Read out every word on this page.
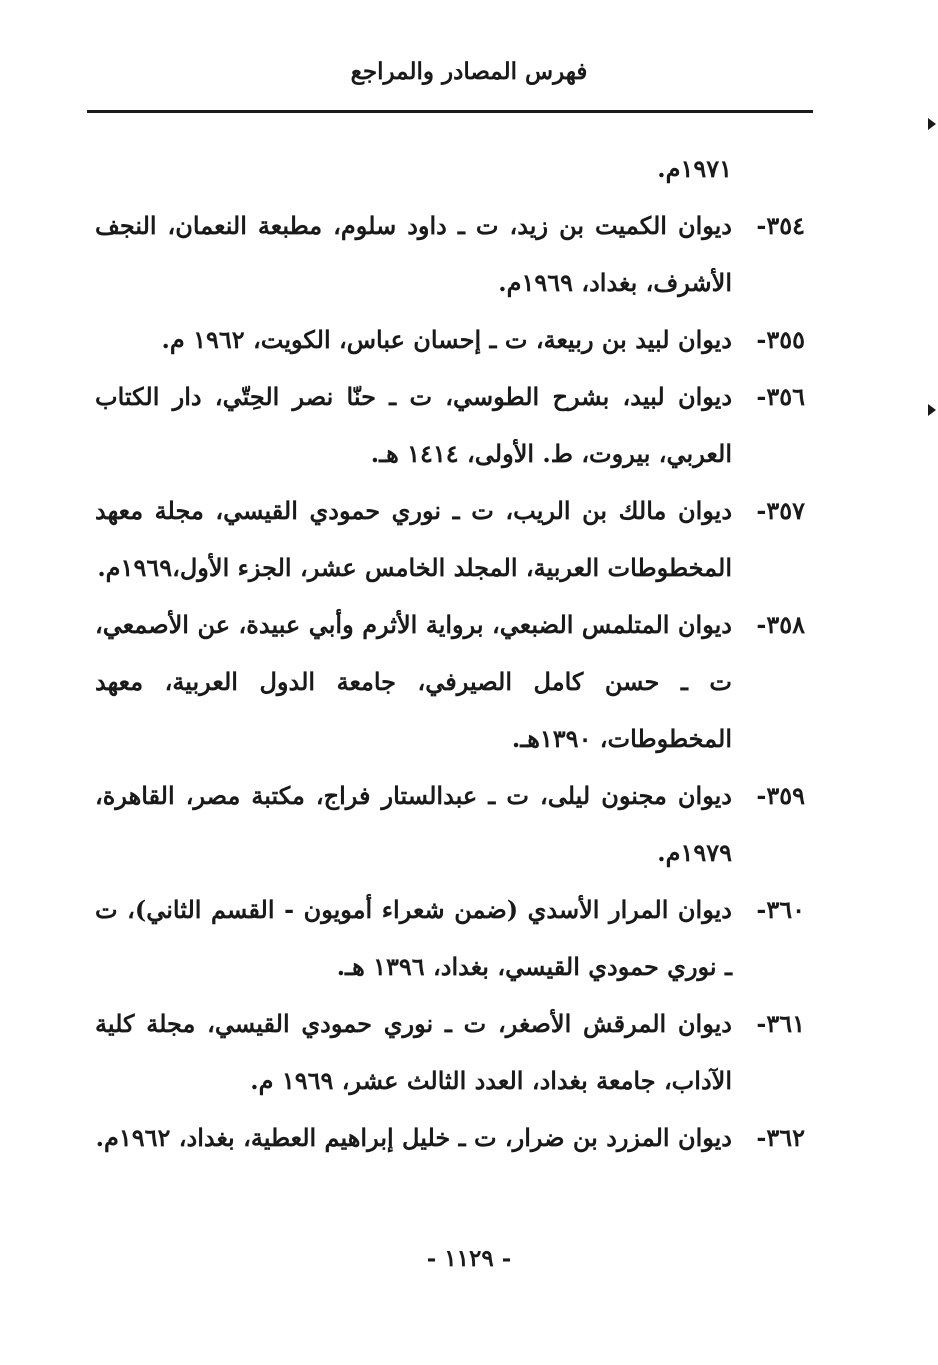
فهرس المصادر والمراجع
١٩٧١م.
٣٥٤-
ديوان الكميت بن زيد، ت ـ داود سلوم، مطبعة النعمان، النجف الأشرف، بغداد، ١٩٦٩م.
٣٥٥-
ديوان لبيد بن ربيعة، ت ـ إحسان عباس، الكويت، ١٩٦٢ م.
٣٥٦-
ديوان لبيد، بشرح الطوسي، ت ـ حنّا نصر الحِتّي، دار الكتاب العربي، بيروت، ط. الأولى، ١٤١٤ هـ.
٣٥٧-
ديوان مالك بن الريب، ت ـ نوري حمودي القيسي، مجلة معهد المخطوطات العربية، المجلد الخامس عشر، الجزء الأول،١٩٦٩م.
٣٥٨-
ديوان المتلمس الضبعي، برواية الأثرم وأبي عبيدة، عن الأصمعي، ت ـ حسن كامل الصيرفي، جامعة الدول العربية، معهد المخطوطات، ١٣٩٠هـ.
٣٥٩-
ديوان مجنون ليلى، ت ـ عبدالستار فراج، مكتبة مصر، القاهرة، ١٩٧٩م.
٣٦٠-
ديوان المرار الأسدي (ضمن شعراء أمويون - القسم الثاني)، ت ـ نوري حمودي القيسي، بغداد، ١٣٩٦ هـ.
٣٦١-
ديوان المرقش الأصغر، ت ـ نوري حمودي القيسي، مجلة كلية الآداب، جامعة بغداد، العدد الثالث عشر، ١٩٦٩ م.
٣٦٢-
ديوان المزرد بن ضرار، ت ـ خليل إبراهيم العطية، بغداد، ١٩٦٢م.
- ١١٢٩ -
